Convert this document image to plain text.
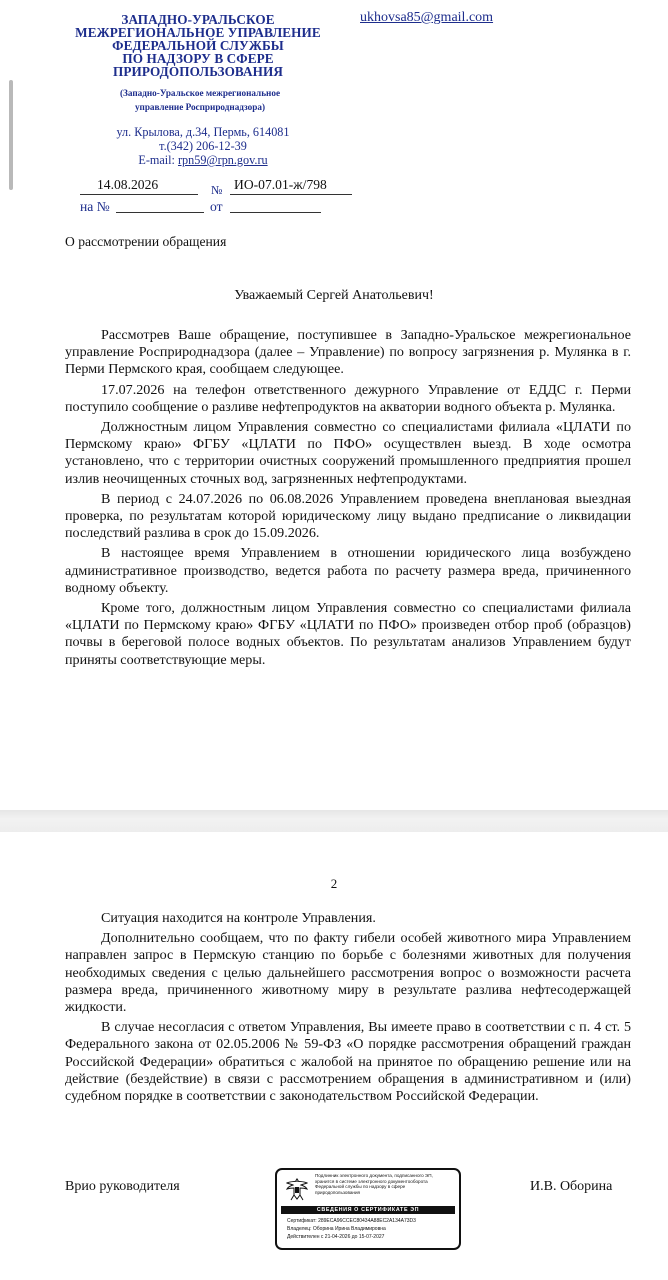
ЗАПАДНО-УРАЛЬСКОЕ
МЕЖРЕГИОНАЛЬНОЕ УПРАВЛЕНИЕ
ФЕДЕРАЛЬНОЙ СЛУЖБЫ
ПО НАДЗОРУ В СФЕРЕ
ПРИРОДОПОЛЬЗОВАНИЯ
(Западно-Уральское межрегиональное
управление Росприроднадзора)
ukhovsa85@gmail.com
ул. Крылова, д.34, Пермь, 614081
т.(342) 206-12-39
E-mail: rpn59@rpn.gov.ru
14.08.2026	№ ИО-07.01-ж/798
на №	от
О рассмотрении обращения
Уважаемый Сергей Анатольевич!

Рассмотрев Ваше обращение, поступившее в Западно-Уральское межрегиональное управление Росприроднадзора (далее – Управление) по вопросу загрязнения р. Мулянка в г. Перми Пермского края, сообщаем следующее.

17.07.2026 на телефон ответственного дежурного Управление от ЕДДС г. Перми поступило сообщение о разливе нефтепродуктов на акватории водного объекта р. Мулянка.

Должностным лицом Управления совместно со специалистами филиала «ЦЛАТИ по Пермскому краю» ФГБУ «ЦЛАТИ по ПФО» осуществлен выезд. В ходе осмотра установлено, что с территории очистных сооружений промышленного предприятия прошел излив неочищенных сточных вод, загрязненных нефтепродуктами.

В период с 24.07.2026 по 06.08.2026 Управлением проведена внеплановая выездная проверка, по результатам которой юридическому лицу выдано предписание о ликвидации последствий разлива в срок до 15.09.2026.

В настоящее время Управлением в отношении юридического лица возбуждено административное производство, ведется работа по расчету размера вреда, причиненного водному объекту.

Кроме того, должностным лицом Управления совместно со специалистами филиала «ЦЛАТИ по Пермскому краю» ФГБУ «ЦЛАТИ по ПФО» произведен отбор проб (образцов) почвы в береговой полосе водных объектов. По результатам анализов Управлением будут приняты соответствующие меры.

2

Ситуация находится на контроле Управления.

Дополнительно сообщаем, что по факту гибели особей животного мира Управлением направлен запрос в Пермскую станцию по борьбе с болезнями животных для получения необходимых сведения с целью дальнейшего рассмотрения вопрос о возможности расчета размера вреда, причиненного животному миру в результате разлива нефтесодержащей жидкости.

В случае несогласия с ответом Управления, Вы имеете право в соответствии с п. 4 ст. 5 Федерального закона от 02.05.2006 № 59-ФЗ «О порядке рассмотрения обращений граждан Российской Федерации» обратиться с жалобой на принятое по обращению решение или на действие (бездействие) в связи с рассмотрением обращения в административном и (или) судебном порядке в соответствии с законодательством Российской Федерации.

Врио руководителя	И.В. Оборина
Подлинник электронного документа, подписанного ЭП,
хранится в системе электронного документооборота
Федеральной службы по надзору в сфере
природопользования
СВЕДЕНИЯ О СЕРТИФИКАТЕ ЭП
Сертификат: 289ECA96CCEC80434A88EC2A134A73D3
Владелец: Оборина Ирина Владимировна
Действителен с 21-04-2026 до 15-07-2027
